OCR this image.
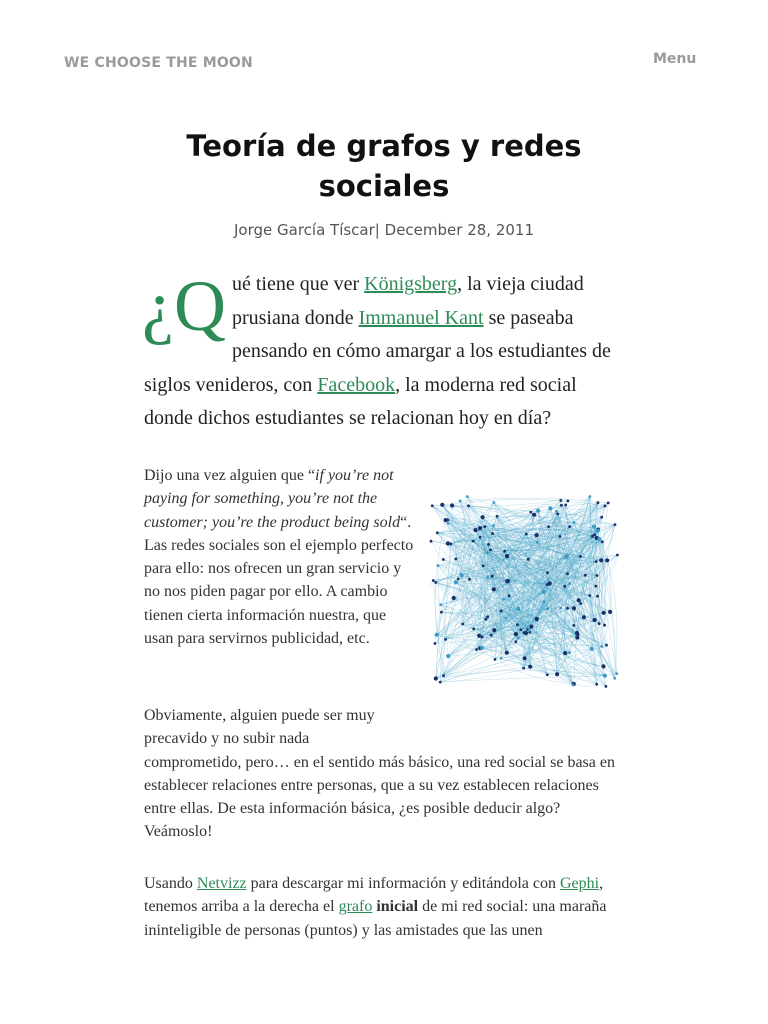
WE CHOOSE THE MOON	Menu
Teoría de grafos y redes sociales
Jorge García Tíscar| December 28, 2011

¿Q ué tiene que ver Königsberg, la vieja ciudad prusiana donde Immanuel Kant se paseaba pensando en cómo amargar a los estudiantes de siglos venideros, con Facebook, la moderna red social donde dichos estudiantes se relacionan hoy en día?

Dijo una vez alguien que “if you’re not paying for something, you’re not the customer; you’re the product being sold“. Las redes sociales son el ejemplo perfecto para ello: nos ofrecen un gran servicio y no nos piden pagar por ello. A cambio tienen cierta información nuestra, que usan para servirnos publicidad, etc.

Obviamente, alguien puede ser muy precavido y no subir nada
comprometido, pero… en el sentido más básico, una red social se basa en establecer relaciones entre personas, que a su vez establecen relaciones entre ellas. De esta información básica, ¿es posible deducir algo? Veámoslo!

Usando Netvizz para descargar mi información y editándola con Gephi, tenemos arriba a la derecha el grafo inicial de mi red social: una maraña ininteligible de personas (puntos) y las amistades que las unen
